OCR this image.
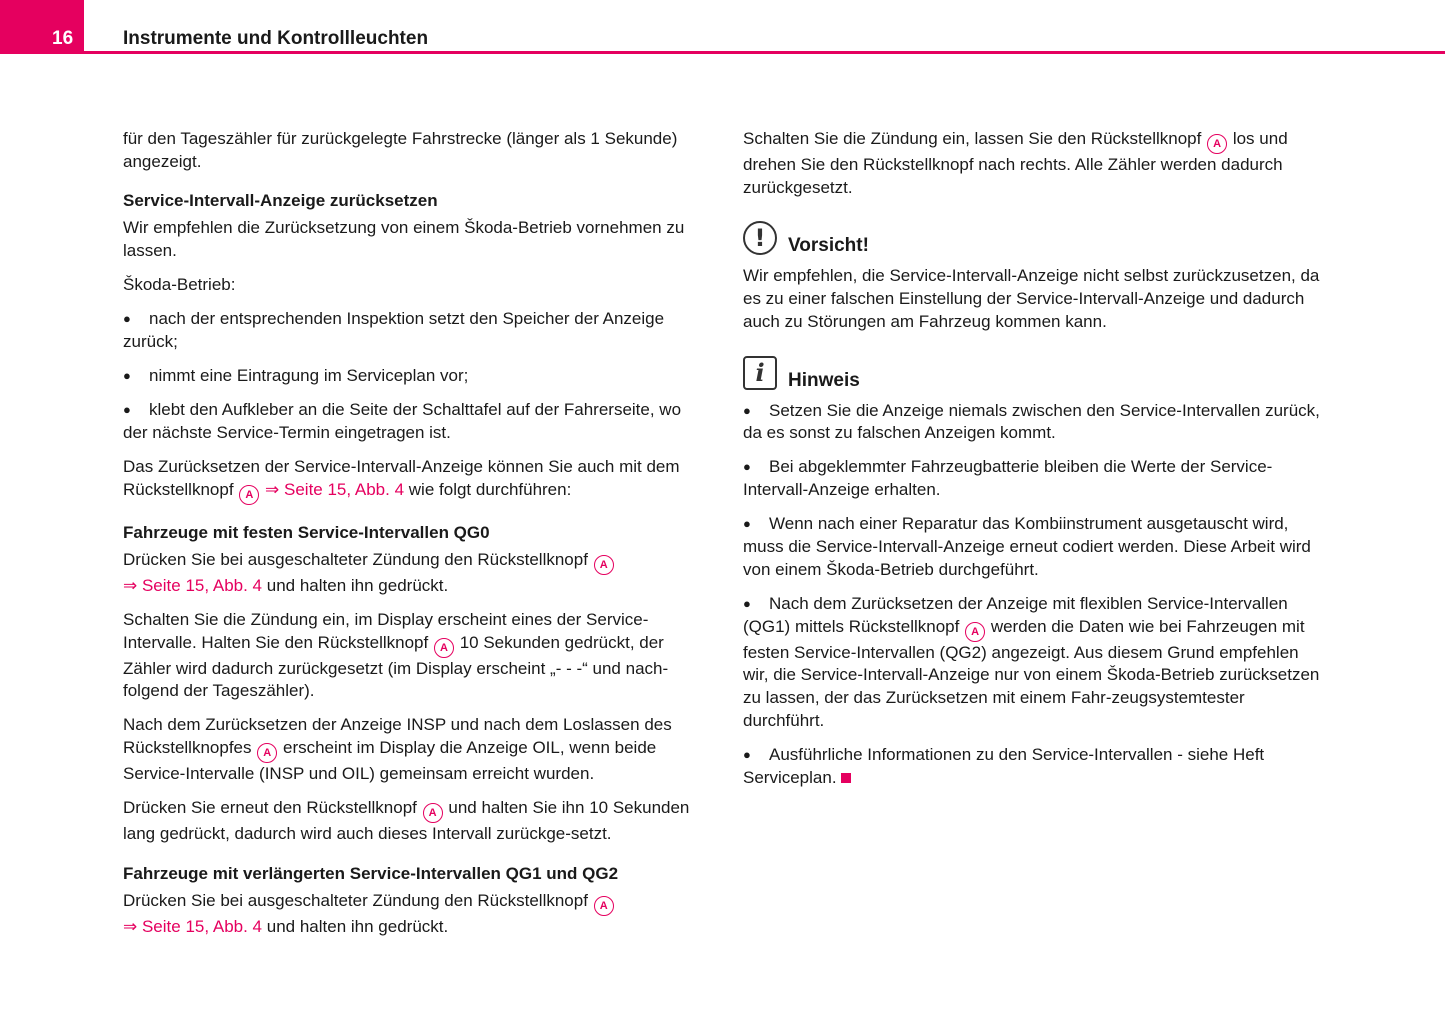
16	Instrumente und Kontrollleuchten

für den Tageszähler für zurückgelegte Fahrstrecke (länger als 1 Sekunde) angezeigt.

Service-Intervall-Anzeige zurücksetzen

Wir empfehlen die Zurücksetzung von einem Škoda-Betrieb vornehmen zu lassen.

Škoda-Betrieb:

● nach der entsprechenden Inspektion setzt den Speicher der Anzeige zurück;

● nimmt eine Eintragung im Serviceplan vor;

● klebt den Aufkleber an die Seite der Schalttafel auf der Fahrerseite, wo der nächste Service-Termin eingetragen ist.

Das Zurücksetzen der Service-Intervall-Anzeige können Sie auch mit dem Rückstellknopf A ⇒ Seite 15, Abb. 4 wie folgt durchführen:

Fahrzeuge mit festen Service-Intervallen QG0

Drücken Sie bei ausgeschalteter Zündung den Rückstellknopf A
⇒ Seite 15, Abb. 4 und halten ihn gedrückt.

Schalten Sie die Zündung ein, im Display erscheint eines der Service-Intervalle. Halten Sie den Rückstellknopf A 10 Sekunden gedrückt, der Zähler wird dadurch zurückgesetzt (im Display erscheint „- - -“ und nach-folgend der Tageszähler).

Nach dem Zurücksetzen der Anzeige INSP und nach dem Loslassen des Rückstellknopfes A erscheint im Display die Anzeige OIL, wenn beide Service-Intervalle (INSP und OIL) gemeinsam erreicht wurden.

Drücken Sie erneut den Rückstellknopf A und halten Sie ihn 10 Sekunden lang gedrückt, dadurch wird auch dieses Intervall zurückge-setzt.

Fahrzeuge mit verlängerten Service-Intervallen QG1 und QG2

Drücken Sie bei ausgeschalteter Zündung den Rückstellknopf A
⇒ Seite 15, Abb. 4 und halten ihn gedrückt.

Schalten Sie die Zündung ein, lassen Sie den Rückstellknopf A los und drehen Sie den Rückstellknopf nach rechts. Alle Zähler werden dadurch zurückgesetzt.

!	Vorsicht!

Wir empfehlen, die Service-Intervall-Anzeige nicht selbst zurückzusetzen, da es zu einer falschen Einstellung der Service-Intervall-Anzeige und dadurch auch zu Störungen am Fahrzeug kommen kann.

i	Hinweis

● Setzen Sie die Anzeige niemals zwischen den Service-Intervallen zurück, da es sonst zu falschen Anzeigen kommt.

● Bei abgeklemmter Fahrzeugbatterie bleiben die Werte der Service-Intervall-Anzeige erhalten.

● Wenn nach einer Reparatur das Kombiinstrument ausgetauscht wird, muss die Service-Intervall-Anzeige erneut codiert werden. Diese Arbeit wird von einem Škoda-Betrieb durchgeführt.

● Nach dem Zurücksetzen der Anzeige mit flexiblen Service-Intervallen (QG1) mittels Rückstellknopf A werden die Daten wie bei Fahrzeugen mit festen Service-Intervallen (QG2) angezeigt. Aus diesem Grund empfehlen wir, die Service-Intervall-Anzeige nur von einem Škoda-Betrieb zurücksetzen zu lassen, der das Zurücksetzen mit einem Fahr-zeugsystemtester durchführt.

● Ausführliche Informationen zu den Service-Intervallen - siehe Heft Serviceplan.
